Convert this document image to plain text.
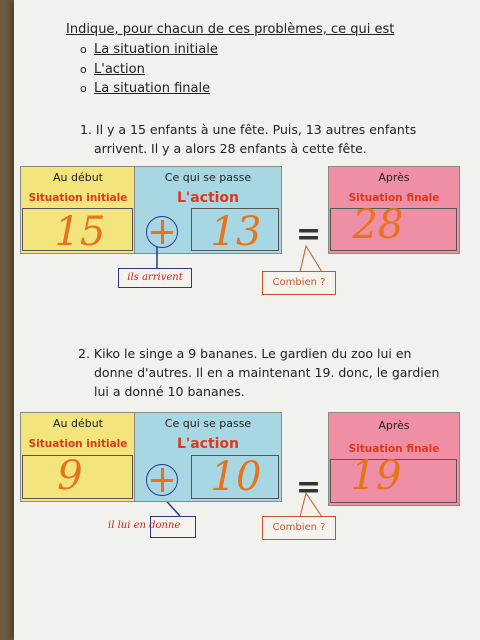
Indique, pour chacun de ces problèmes, ce qui est
o La situation initiale
o L'action
o La situation finale
1. Il y a 15 enfants à une fête. Puis, 13 autres enfants
arrivent. Il y a alors 28 enfants à cette fête.
Au début
Situation initiale
15
Ce qui se passe
L'action
13	=
Après
Situation finale
28
Combien ?
ils arrivent
2. Kiko le singe a 9 bananes. Le gardien du zoo lui en
donne d'autres. Il en a maintenant 19. donc, le gardien
lui a donné 10 bananes.
Au début
Situation initiale
9
Ce qui se passe
L'action
10	=
Après
Situation finale
19
Combien ?
il lui en donne
